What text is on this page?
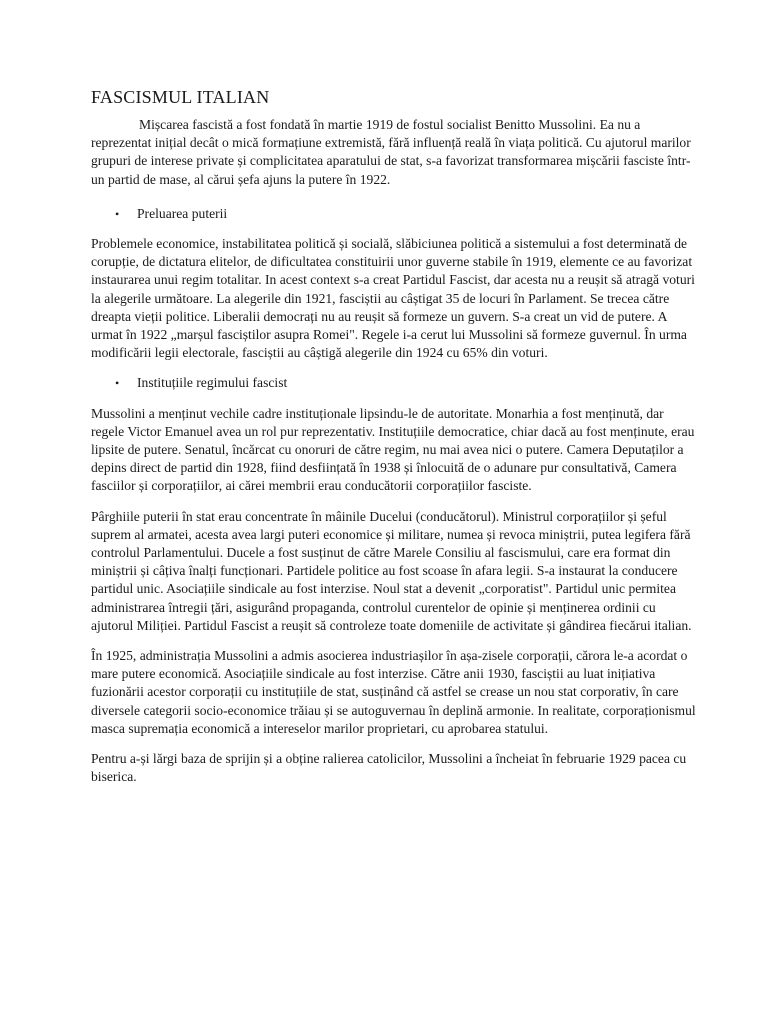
FASCISMUL ITALIAN

Mișcarea fascistă a fost fondată în martie 1919 de fostul socialist Benitto Mussolini. Ea nu a reprezentat inițial decât o mică formațiune extremistă, fără influență reală în viața politică. Cu ajutorul marilor grupuri de interese private și complicitatea aparatului de stat, s-a favorizat transformarea mișcării fasciste într-un partid de mase, al cărui șefa ajuns la putere în 1922.

•	Preluarea puterii

Problemele economice, instabilitatea politică și socială, slăbiciunea politică a sistemului a fost determinată de corupție, de dictatura elitelor, de dificultatea constituirii unor guverne stabile în 1919, elemente ce au favorizat instaurarea unui regim totalitar. In acest context s-a creat Partidul Fascist, dar acesta nu a reușit să atragă voturi la alegerile următoare. La alegerile din 1921, fasciștii au câștigat 35 de locuri în Parlament. Se trecea către dreapta vieții politice. Liberalii democrați nu au reușit să formeze un guvern. S-a creat un vid de putere. A urmat în 1922 „marșul fasciștilor asupra Romei". Regele i-a cerut lui Mussolini să formeze guvernul. În urma modificării legii electorale, fasciștii au câștigă alegerile din 1924 cu 65% din voturi.

•	Instituțiile regimului fascist

Mussolini a menținut vechile cadre instituționale lipsindu-le de autoritate. Monarhia a fost menținută, dar regele Victor Emanuel avea un rol pur reprezentativ. Instituțiile democratice, chiar dacă au fost menținute, erau lipsite de putere. Senatul, încărcat cu onoruri de către regim, nu mai avea nici o putere. Camera Deputaților a depins direct de partid din 1928, fiind desființată în 1938 și înlocuită de o adunare pur consultativă, Camera fasciilor și corporațiilor, ai cărei membrii erau conducătorii corporațiilor fasciste.

Pârghiile puterii în stat erau concentrate în mâinile Ducelui (conducătorul). Ministrul corporațiilor și șeful suprem al armatei, acesta avea largi puteri economice și militare, numea și revoca miniștrii, putea legifera fără controlul Parlamentului. Ducele a fost susținut de către Marele Consiliu al fascismului, care era format din miniștrii și câțiva înalți funcționari. Partidele politice au fost scoase în afara legii. S-a instaurat la conducere partidul unic. Asociațiile sindicale au fost interzise. Noul stat a devenit „corporatist". Partidul unic permitea administrarea întregii țări, asigurând propaganda, controlul curentelor de opinie și menținerea ordinii cu ajutorul Miliției. Partidul Fascist a reușit să controleze toate domeniile de activitate și gândirea fiecărui italian.

În 1925, administrația Mussolini a admis asocierea industriașilor în așa-zisele corporații, cărora le-a acordat o mare putere economică. Asociațiile sindicale au fost interzise. Către anii 1930, fasciștii au luat inițiativa fuzionării acestor corporații cu instituțiile de stat, susținând că astfel se crease un nou stat corporativ, în care diversele categorii socio-economice trăiau și se autoguvernau în deplină armonie. In realitate, corporaționismul masca supremația economică a intereselor marilor proprietari, cu aprobarea statului.

Pentru a-și lărgi baza de sprijin și a obține ralierea catolicilor, Mussolini a încheiat în februarie 1929 pacea cu biserica.
